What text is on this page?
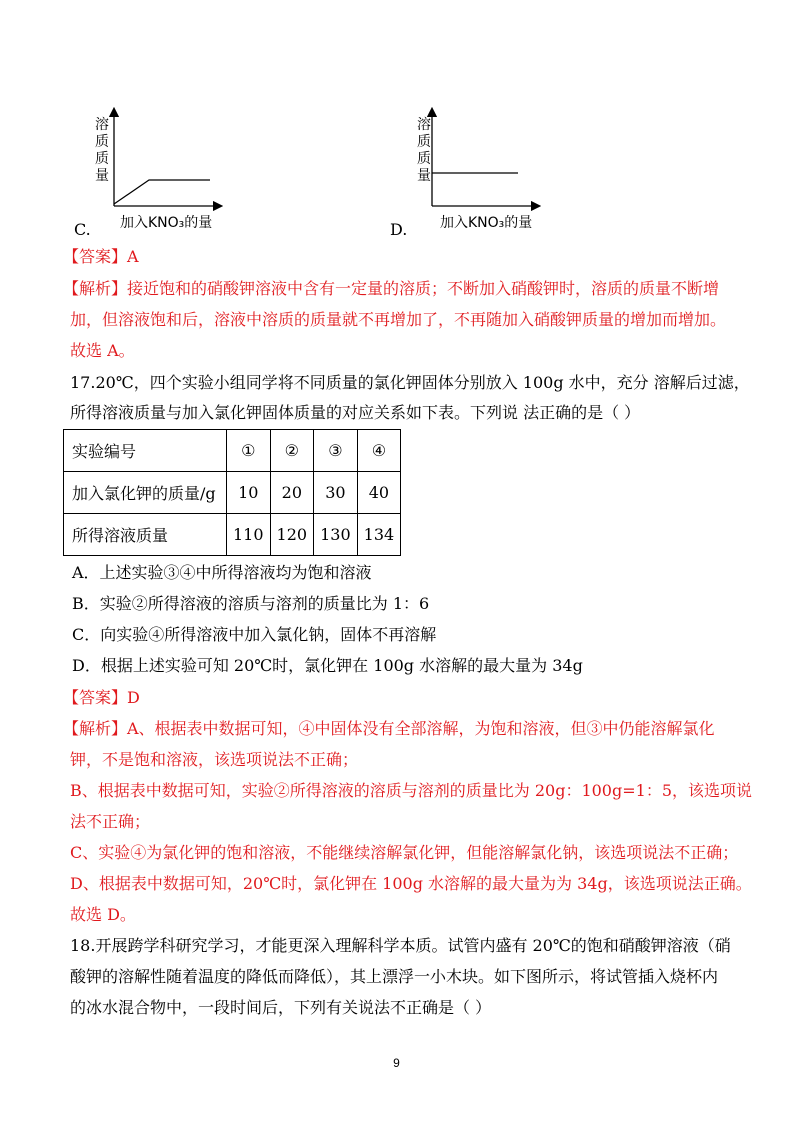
溶质质量
加入KNO₃的量
C.
溶质质量
加入KNO₃的量
D.
【答案】A
【解析】接近饱和的硝酸钾溶液中含有一定量的溶质；不断加入硝酸钾时，溶质的质量不断增
加，但溶液饱和后，溶液中溶质的质量就不再增加了，不再随加入硝酸钾质量的增加而增加。
故选 A。
17.20℃，四个实验小组同学将不同质量的氯化钾固体分别放入 100g 水中，充分 溶解后过滤，
所得溶液质量与加入氯化钾固体质量的对应关系如下表。下列说 法正确的是（ ）
实验编号	①	②	③	④
加入氯化钾的质量/g	10	20	30	40
所得溶液质量	110	120	130	134
A．上述实验③④中所得溶液均为饱和溶液
B．实验②所得溶液的溶质与溶剂的质量比为 1：6
C．向实验④所得溶液中加入氯化钠，固体不再溶解
D．根据上述实验可知 20℃时，氯化钾在 100g 水溶解的最大量为 34g
【答案】D
【解析】A、根据表中数据可知，④中固体没有全部溶解，为饱和溶液，但③中仍能溶解氯化
钾，不是饱和溶液，该选项说法不正确；
B、根据表中数据可知，实验②所得溶液的溶质与溶剂的质量比为 20g：100g=1：5，该选项说
法不正确；
C、实验④为氯化钾的饱和溶液，不能继续溶解氯化钾，但能溶解氯化钠，该选项说法不正确；
D、根据表中数据可知，20℃时，氯化钾在 100g 水溶解的最大量为为 34g，该选项说法正确。
故选 D。
18.开展跨学科研究学习，才能更深入理解科学本质。试管内盛有 20℃的饱和硝酸钾溶液（硝
酸钾的溶解性随着温度的降低而降低），其上漂浮一小木块。如下图所示，将试管插入烧杯内
的冰水混合物中，一段时间后，下列有关说法不正确是（ ）
9
